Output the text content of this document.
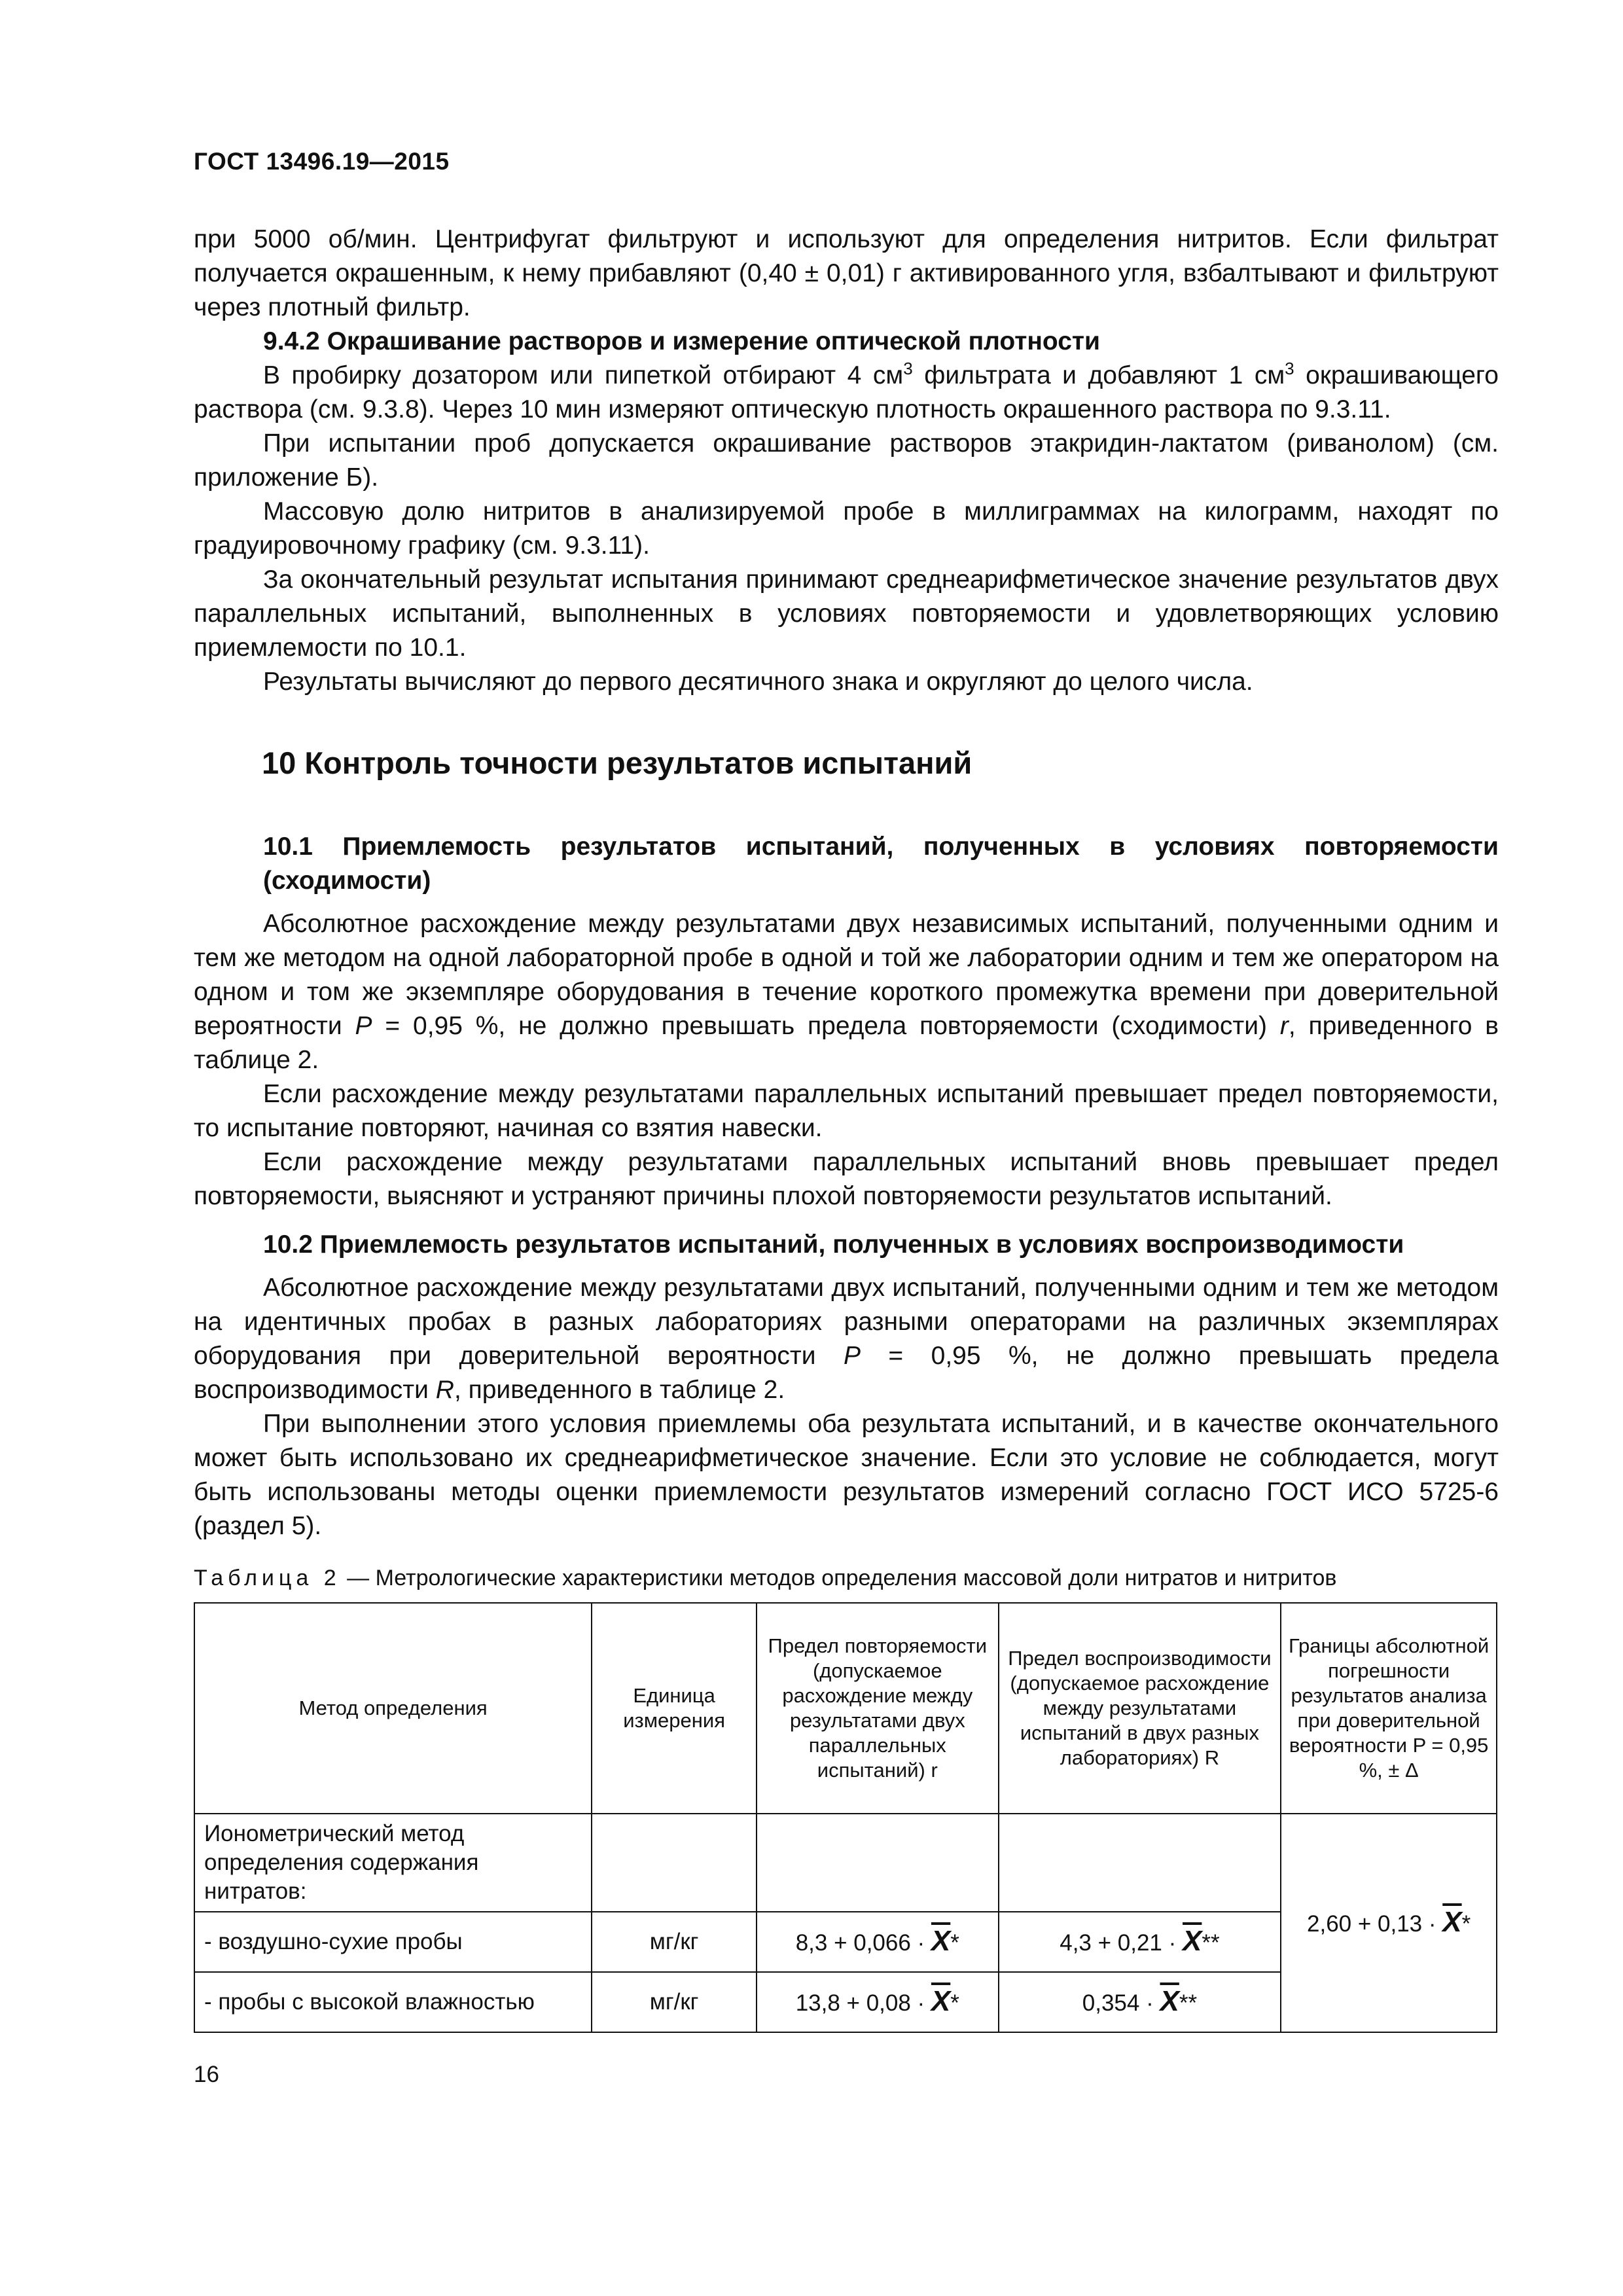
ГОСТ 13496.19—2015

при 5000 об/мин. Центрифугат фильтруют и используют для определения нитритов. Если фильтрат получается окрашенным, к нему прибавляют (0,40 ± 0,01) г активированного угля, взбалтывают и фильтруют через плотный фильтр.

9.4.2 Окрашивание растворов и измерение оптической плотности

В пробирку дозатором или пипеткой отбирают 4 $см^3$ фильтрата и добавляют 1 $см^3$ окрашивающего раствора (см. 9.3.8). Через 10 мин измеряют оптическую плотность окрашенного раствора по 9.3.11.

При испытании проб допускается окрашивание растворов этакридин-лактатом (риванолом) (см. приложение Б).

Массовую долю нитритов в анализируемой пробе в миллиграммах на килограмм, находят по градуировочному графику (см. 9.3.11).

За окончательный результат испытания принимают среднеарифметическое значение результатов двух параллельных испытаний, выполненных в условиях повторяемости и удовлетворяющих условию приемлемости по 10.1.

Результаты вычисляют до первого десятичного знака и округляют до целого числа.

10 Контроль точности результатов испытаний

10.1 Приемлемость результатов испытаний, полученных в условиях повторяемости (сходимости)

Абсолютное расхождение между результатами двух независимых испытаний, полученными одним и тем же методом на одной лабораторной пробе в одной и той же лаборатории одним и тем же оператором на одном и том же экземпляре оборудования в течение короткого промежутка времени при доверительной вероятности P = 0,95 %, не должно превышать предела повторяемости (сходимости) r, приведенного в таблице 2.

Если расхождение между результатами параллельных испытаний превышает предел повторяемости, то испытание повторяют, начиная со взятия навески.

Если расхождение между результатами параллельных испытаний вновь превышает предел повторяемости, выясняют и устраняют причины плохой повторяемости результатов испытаний.

10.2 Приемлемость результатов испытаний, полученных в условиях воспроизводимости

Абсолютное расхождение между результатами двух испытаний, полученными одним и тем же методом на идентичных пробах в разных лабораториях разными операторами на различных экземплярах оборудования при доверительной вероятности P = 0,95 %, не должно превышать предела воспроизводимости R, приведенного в таблице 2.

При выполнении этого условия приемлемы оба результата испытаний, и в качестве окончательного может быть использовано их среднеарифметическое значение. Если это условие не соблюдается, могут быть использованы методы оценки приемлемости результатов измерений согласно ГОСТ ИСО 5725-6 (раздел 5).

Таблица 2 — Метрологические характеристики методов определения массовой доли нитратов и нитритов
Метод определения	Единица измерения	Предел повторяемости (допускаемое расхождение между результатами двух параллельных испытаний) r	Предел воспроизводимости (допускаемое расхождение между результатами испытаний в двух разных лабораториях) R	Границы абсолютной погрешности результатов анализа при доверительной вероятности P = 0,95 %, ± Δ
Ионометрический метод определения содержания нитратов:				$2,60 + 0,13 \cdot \overline{X}*$
- воздушно-сухие пробы	мг/кг	$8,3 + 0,066 \cdot \overline{X}*$	$4,3 + 0,21 \cdot \overline{X}**$	
- пробы с высокой влажностью	мг/кг	$13,8 + 0,08 \cdot \overline{X}*$	$0,354 \cdot \overline{X}**$	
16
